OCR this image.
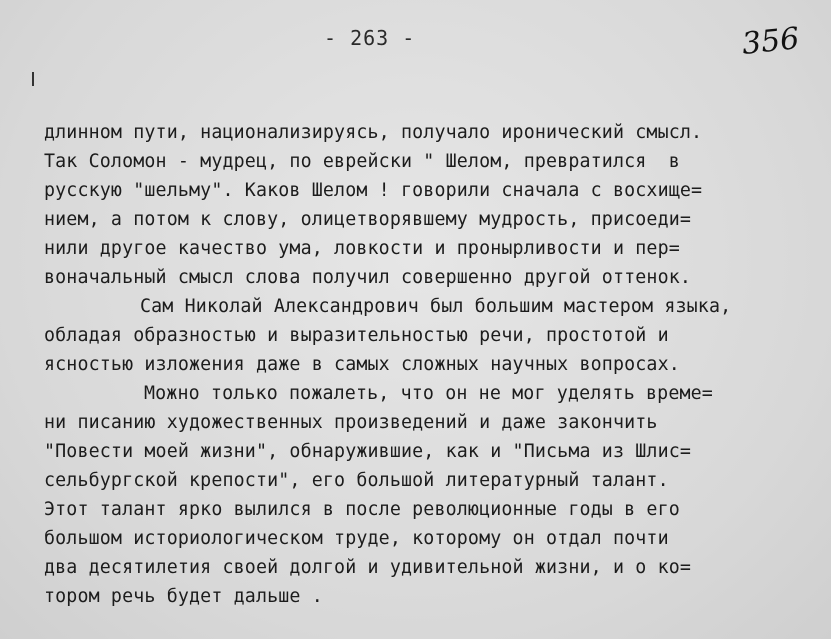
- 263 -	356
длинном пути, национализируясь, получало иронический смысл.
Так Соломон - мудрец, по еврейски " Шелом, превратился  в
русскую "шельму". Каков Шелом ! говорили сначала с восхище=
нием, а потом к слову, олицетворявшему мудрость, присоеди=
нили другое качество ума, ловкости и пронырливости и пер=
воначальный смысл слова получил совершенно другой оттенок.
Сам Николай Александрович был большим мастером языка,
обладая образностью и выразительностью речи, простотой и
ясностью изложения даже в самых сложных научных вопросах.
Можно только пожалеть, что он не мог уделять време=
ни писанию художественных произведений и даже закончить
"Повести моей жизни", обнаружившие, как и "Письма из Шлис=
сельбургской крепости", его большой литературный талант.
Этот талант ярко вылился в после революционные годы в его
большом историологическом труде, которому он отдал почти
два десятилетия своей долгой и удивительной жизни, и о ко=
тором речь будет дальше .
